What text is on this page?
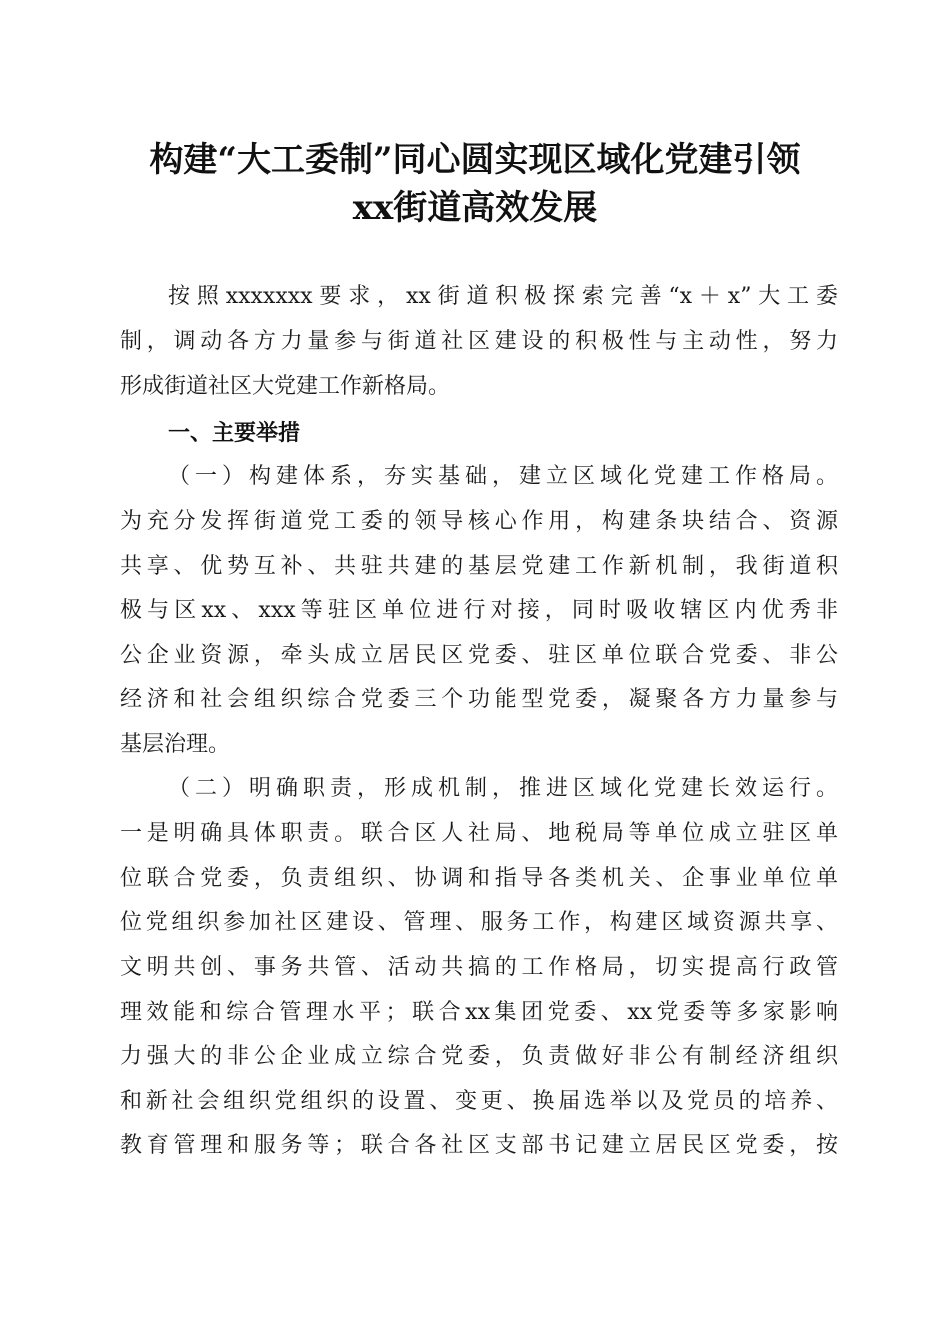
构建“大工委制”同心圆实现区域化党建引领
xx街道高效发展
按照xxxxxxx要求，xx街道积极探索完善“x＋x”大工委
制，调动各方力量参与街道社区建设的积极性与主动性，努力
形成街道社区大党建工作新格局。
一、主要举措
（一）构建体系，夯实基础，建立区域化党建工作格局。
为充分发挥街道党工委的领导核心作用，构建条块结合、资源
共享、优势互补、共驻共建的基层党建工作新机制，我街道积
极与区xx、xxx等驻区单位进行对接，同时吸收辖区内优秀非
公企业资源，牵头成立居民区党委、驻区单位联合党委、非公
经济和社会组织综合党委三个功能型党委，凝聚各方力量参与
基层治理。
（二）明确职责，形成机制，推进区域化党建长效运行。
一是明确具体职责。联合区人社局、地税局等单位成立驻区单
位联合党委，负责组织、协调和指导各类机关、企事业单位单
位党组织参加社区建设、管理、服务工作，构建区域资源共享、
文明共创、事务共管、活动共搞的工作格局，切实提高行政管
理效能和综合管理水平；联合xx集团党委、xx党委等多家影响
力强大的非公企业成立综合党委，负责做好非公有制经济组织
和新社会组织党组织的设置、变更、换届选举以及党员的培养、
教育管理和服务等；联合各社区支部书记建立居民区党委，按
